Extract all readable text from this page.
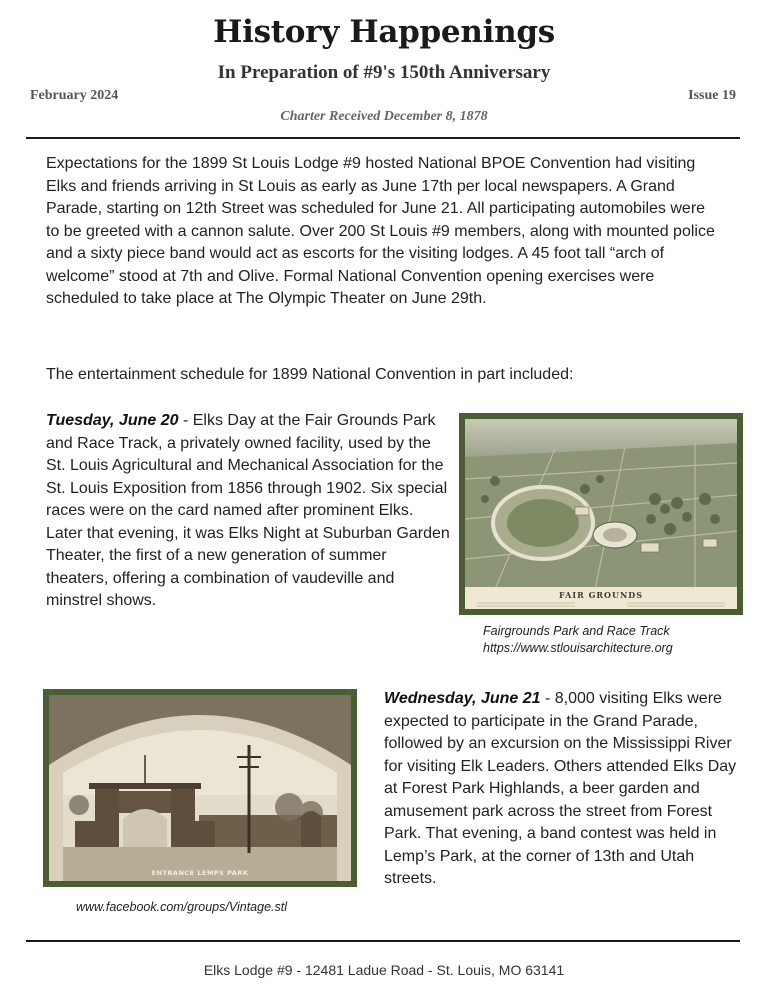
History Happenings
In Preparation of #9's 150th Anniversary
February 2024	Issue 19
Charter Received December 8, 1878
Expectations for the 1899 St Louis Lodge #9 hosted National BPOE Convention had visiting Elks and friends arriving in St Louis as early as June 17th per local newspapers. A Grand Parade, starting on 12th Street was scheduled for June 21. All participating automobiles were to be greeted with a cannon salute. Over 200 St Louis #9 members, along with mounted police and a sixty piece band would act as escorts for the visiting lodges. A 45 foot tall “arch of welcome” stood at 7th and Olive. Formal National Convention opening exercises were scheduled to take place at The Olympic Theater on June 29th.
The entertainment schedule for 1899 National Convention in part included:
Tuesday, June 20 - Elks Day at the Fair Grounds Park and Race Track, a privately owned facility, used by the St. Louis Agricultural and Mechanical Association for the St. Louis Exposition from 1856 through 1902. Six special races were on the card named after prominent Elks. Later that evening, it was Elks Night at Suburban Garden Theater, the first of a new generation of summer theaters, offering a combination of vaudeville and minstrel shows.	FAIR GROUNDS
Fairgrounds Park and Race Track
https://www.stlouisarchitecture.org
ENTRANCE LEMPS PARK
www.facebook.com/groups/Vintage.stl
Wednesday, June 21 - 8,000 visiting Elks were expected to participate in the Grand Parade, followed by an excursion on the Mississippi River for visiting Elk Leaders. Others attended Elks Day at Forest Park Highlands, a beer garden and amusement park across the street from Forest Park. That evening, a band contest was held in Lemp’s Park, at the corner of 13th and Utah streets.
Elks Lodge #9 - 12481 Ladue Road - St. Louis, MO 63141
